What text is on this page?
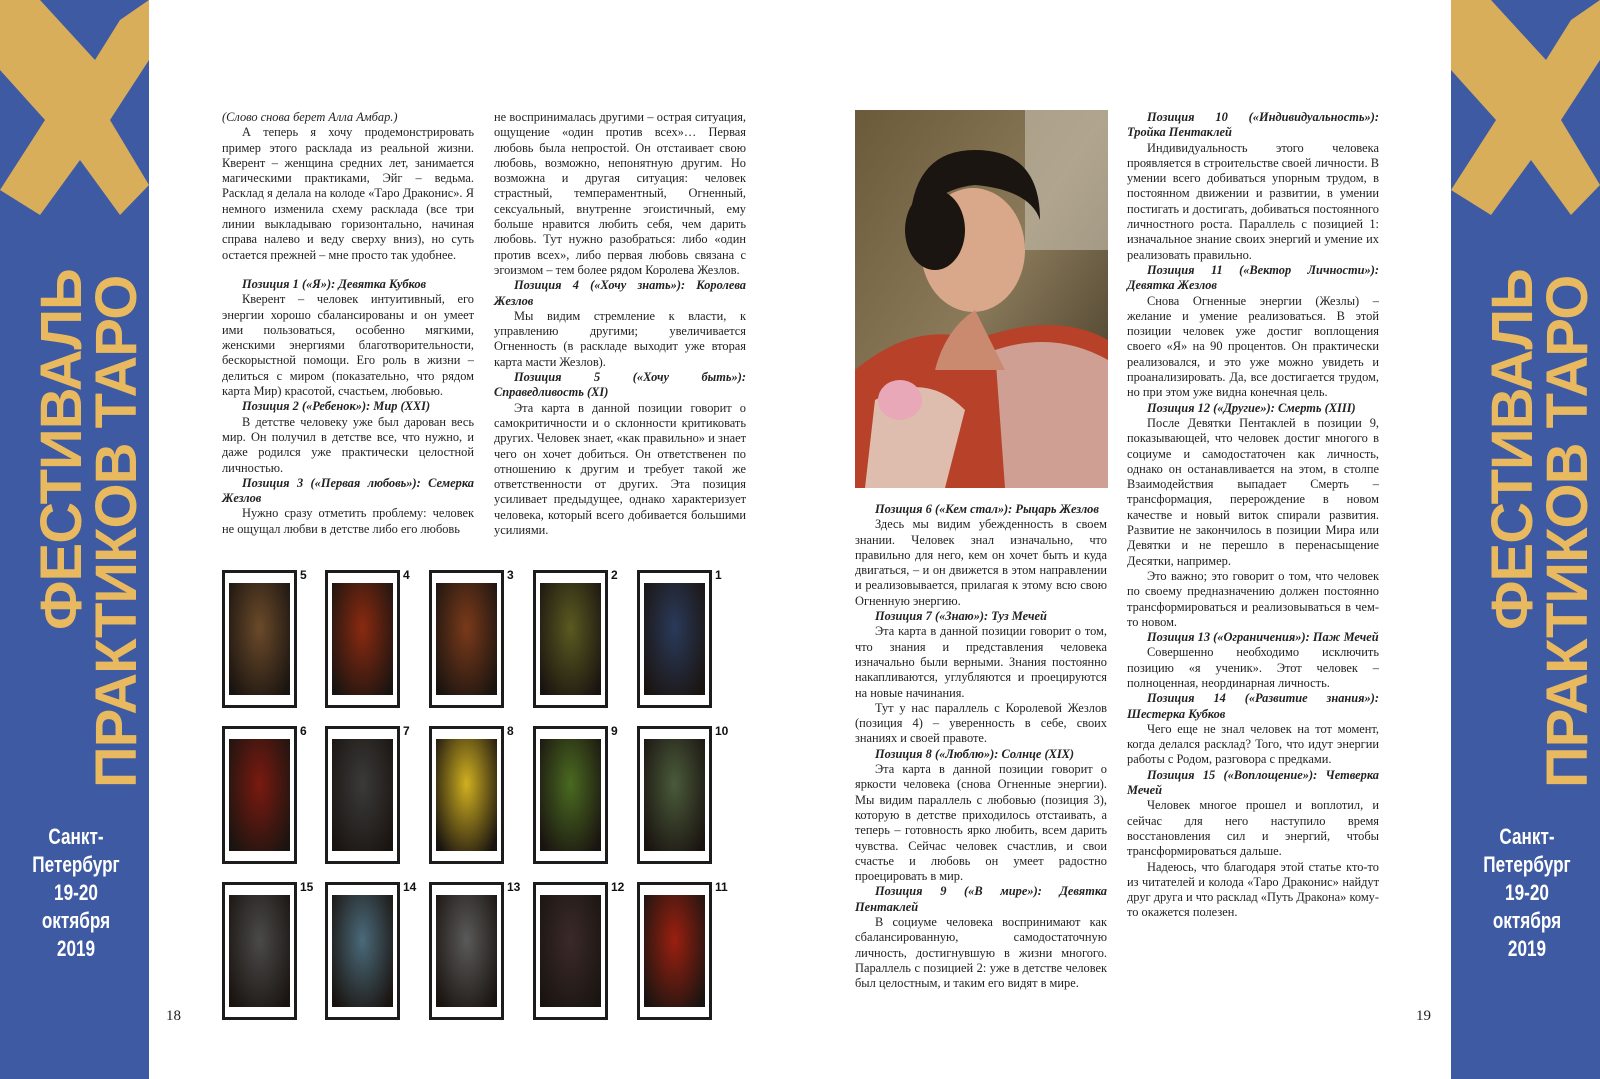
ФЕСТИВАЛЬ
ПРАКТИКОВ ТАРО
Санкт-Петербург
19-20 октября
2019

(Слово снова берет Алла Амбар.)

А теперь я хочу продемонстрировать пример этого расклада из реальной жизни. Кверент – женщина средних лет, занимается магическими практиками, Эйг – ведьма. Расклад я делала на колоде «Таро Драконис». Я немного изменила схему расклада (все три линии выкладываю горизонтально, начиная справа налево и веду сверху вниз), но суть остается прежней – мне просто так удобнее.

Позиция 1 («Я»): Девятка Кубков

Кверент – человек интуитивный, его энергии хорошо сбалансированы и он умеет ими пользоваться, особенно мягкими, женскими энергиями благотворительности, бескорыстной помощи. Его роль в жизни – делиться с миром (показательно, что рядом карта Мир) красотой, счастьем, любовью.

Позиция 2 («Ребенок»): Мир (XXI)

В детстве человеку уже был дарован весь мир. Он получил в детстве все, что нужно, и даже родился уже практически целостной личностью.

Позиция 3 («Первая любовь»): Семерка Жезлов

Нужно сразу отметить проблему: человек не ощущал любви в детстве либо его любовь

не воспринималась другими – острая ситуация, ощущение «один против всех»… Первая любовь была непростой. Он отстаивает свою любовь, возможно, непонятную другим. Но возможна и другая ситуация: человек страстный, темпераментный, Огненный, сексуальный, внутренне эгоистичный, ему больше нравится любить себя, чем дарить любовь. Тут нужно разобраться: либо «один против всех», либо первая любовь связана с эгоизмом – тем более рядом Королева Жезлов.

Позиция 4 («Хочу знать»): Королева Жезлов

Мы видим стремление к власти, к управлению другими; увеличивается Огненность (в раскладе выходит уже вторая карта масти Жезлов).

Позиция 5 («Хочу быть»): Справедливость (XI)

Эта карта в данной позиции говорит о самокритичности и о склонности критиковать других. Человек знает, «как правильно» и знает чего он хочет добиться. Он ответственен по отношению к другим и требует такой же ответственности от других. Эта позиция усиливает предыдущее, однако характеризует человека, который всего добивается большими усилиями.

5	4	3	2	1
6	7	8	9	10
15	14	13	12	11
18

Позиция 6 («Кем стал»): Рыцарь Жезлов

Здесь мы видим убежденность в своем знании. Человек знал изначально, что правильно для него, кем он хочет быть и куда двигаться, – и он движется в этом направлении и реализовывается, прилагая к этому всю свою Огненную энергию.

Позиция 7 («Знаю»): Туз Мечей

Эта карта в данной позиции говорит о том, что знания и представления человека изначально были верными. Знания постоянно накапливаются, углубляются и проецируются на новые начинания.

Тут у нас параллель с Королевой Жезлов (позиция 4) – уверенность в себе, своих знаниях и своей правоте.

Позиция 8 («Люблю»): Солнце (XIX)

Эта карта в данной позиции говорит о яркости человека (снова Огненные энергии). Мы видим параллель с любовью (позиция 3), которую в детстве приходилось отстаивать, а теперь – готовность ярко любить, всем дарить чувства. Сейчас человек счастлив, и свои счастье и любовь он умеет радостно проецировать в мир.

Позиция 9 («В мире»): Девятка Пентаклей

В социуме человека воспринимают как сбалансированную, самодостаточную личность, достигнувшую в жизни многого. Параллель с позицией 2: уже в детстве человек был целостным, и таким его видят в мире.

Позиция 10 («Индивидуальность»): Тройка Пентаклей

Индивидуальность этого человека проявляется в строительстве своей личности. В умении всего добиваться упорным трудом, в постоянном движении и развитии, в умении постигать и достигать, добиваться постоянного личностного роста. Параллель с позицией 1: изначальное знание своих энергий и умение их реализовать правильно.

Позиция 11 («Вектор Личности»): Девятка Жезлов

Снова Огненные энергии (Жезлы) – желание и умение реализоваться. В этой позиции человек уже достиг воплощения своего «Я» на 90 процентов. Он практически реализовался, и это уже можно увидеть и проанализировать. Да, все достигается трудом, но при этом уже видна конечная цель.

Позиция 12 («Другие»): Смерть (XIII)

После Девятки Пентаклей в позиции 9, показывающей, что человек достиг многого в социуме и самодостаточен как личность, однако он останавливается на этом, в столпе Взаимодействия выпадает Смерть – трансформация, перерождение в новом качестве и новый виток спирали развития. Развитие не закончилось в позиции Мира или Девятки и не перешло в перенасыщение Десятки, например.

Это важно; это говорит о том, что человек по своему предназначению должен постоянно трансформироваться и реализовываться в чем-то новом.

Позиция 13 («Ограничения»): Паж Мечей

Совершенно необходимо исключить позицию «я ученик». Этот человек – полноценная, неординарная личность.

Позиция 14 («Развитие знания»): Шестерка Кубков

Чего еще не знал человек на тот момент, когда делался расклад? Того, что идут энергии работы с Родом, разговора с предками.

Позиция 15 («Воплощение»): Четверка Мечей

Человек многое прошел и воплотил, и сейчас для него наступило время восстановления сил и энергий, чтобы трансформироваться дальше.

Надеюсь, что благодаря этой статье кто-то из читателей и колода «Таро Драконис» найдут друг друга и что расклад «Путь Дракона» кому-то окажется полезен.

19
ФЕСТИВАЛЬ
ПРАКТИКОВ ТАРО
Санкт-Петербург
19-20 октября
2019
